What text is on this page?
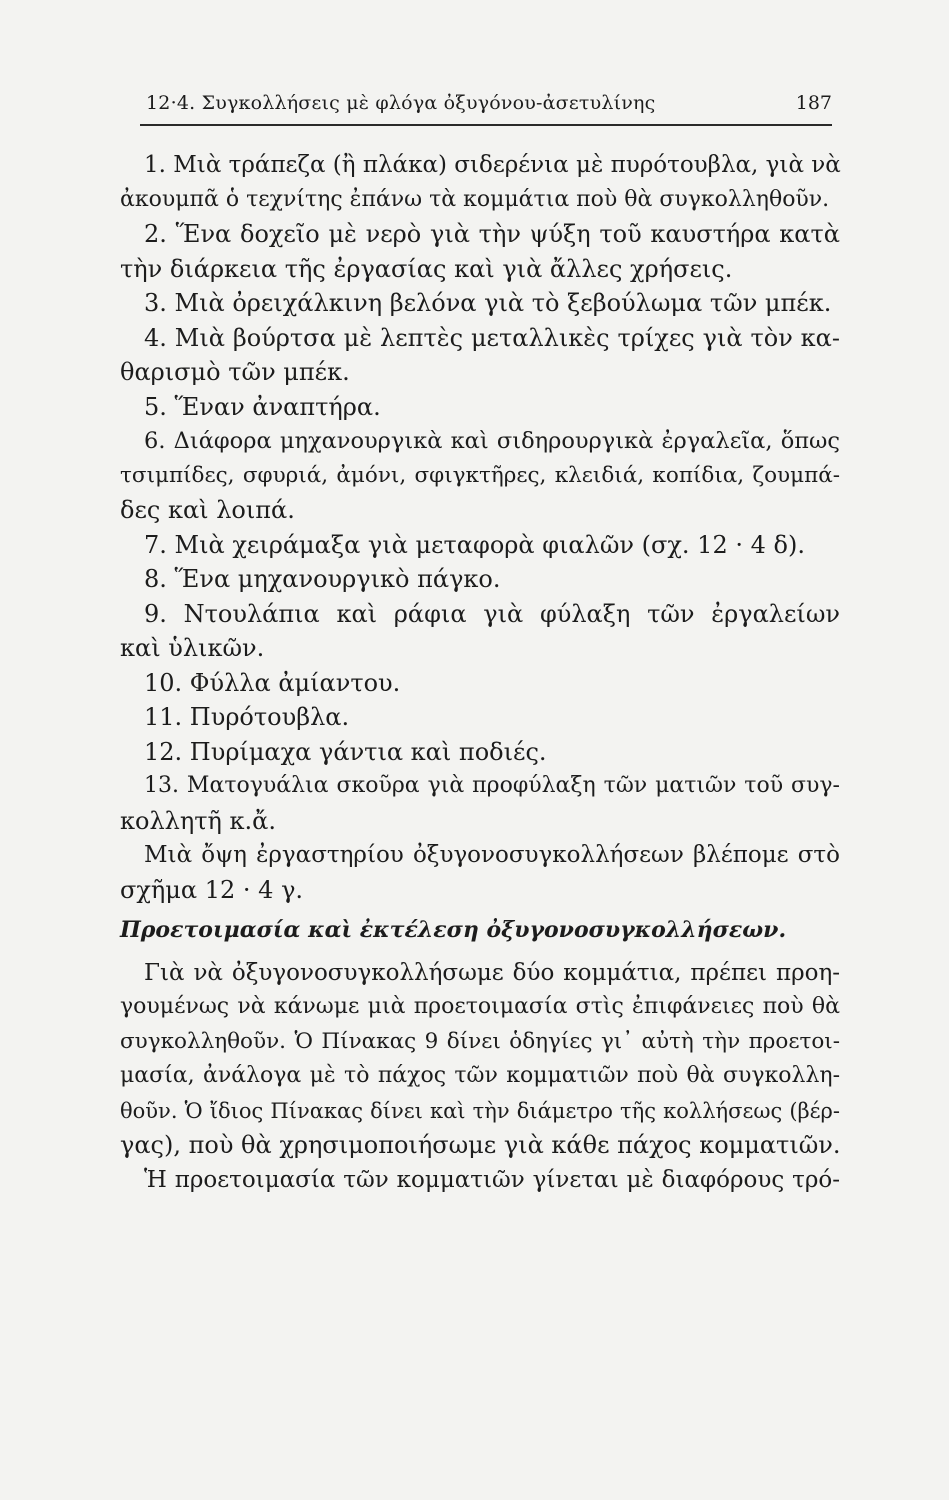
12·4. Συγκολλήσεις μὲ φλόγα ὀξυγόνου-ἀσετυλίνης	187
1. Μιὰ τράπεζα (ἢ πλάκα) σιδερένια μὲ πυρότουβλα, γιὰ νὰ
ἀκουμπᾶ ὁ τεχνίτης ἐπάνω τὰ κομμάτια ποὺ θὰ συγκολληθοῦν.
2. Ἕνα δοχεῖο μὲ νερὸ γιὰ τὴν ψύξη τοῦ καυστήρα κατὰ
τὴν διάρκεια τῆς ἐργασίας καὶ γιὰ ἄλλες χρήσεις.
3. Μιὰ ὀρειχάλκινη βελόνα γιὰ τὸ ξεβούλωμα τῶν μπέκ.
4. Μιὰ βούρτσα μὲ λεπτὲς μεταλλικὲς τρίχες γιὰ τὸν κα-
θαρισμὸ τῶν μπέκ.
5. Ἕναν ἀναπτήρα.
6. Διάφορα μηχανουργικὰ καὶ σιδηρουργικὰ ἐργαλεῖα, ὅπως
τσιμπίδες, σφυριά, ἀμόνι, σφιγκτῆρες, κλειδιά, κοπίδια, ζουμπά-
δες καὶ λοιπά.
7. Μιὰ χειράμαξα γιὰ μεταφορὰ φιαλῶν (σχ. 12 · 4 δ).
8. Ἕνα μηχανουργικὸ πάγκο.
9. Ντουλάπια καὶ ράφια γιὰ φύλαξη τῶν ἐργαλείων
καὶ ὑλικῶν.
10. Φύλλα ἀμίαντου.
11. Πυρότουβλα.
12. Πυρίμαχα γάντια καὶ ποδιές.
13. Ματογυάλια σκοῦρα γιὰ προφύλαξη τῶν ματιῶν τοῦ συγ-
κολλητῆ κ.ἄ.
Μιὰ ὄψη ἐργαστηρίου ὀξυγονοσυγκολλήσεων βλέπομε στὸ
σχῆμα 12 · 4 γ.
Προετοιμασία καὶ ἐκτέλεση ὀξυγονοσυγκολλήσεων.
Γιὰ νὰ ὀξυγονοσυγκολλήσωμε δύο κομμάτια, πρέπει προη-
γουμένως νὰ κάνωμε μιὰ προετοιμασία στὶς ἐπιφάνειες ποὺ θὰ
συγκολληθοῦν. Ὁ Πίνακας 9 δίνει ὁδηγίες γι᾽ αὐτὴ τὴν προετοι-
μασία, ἀνάλογα μὲ τὸ πάχος τῶν κομματιῶν ποὺ θὰ συγκολλη-
θοῦν. Ὁ ἴδιος Πίνακας δίνει καὶ τὴν διάμετρο τῆς κολλήσεως (βέρ-
γας), ποὺ θὰ χρησιμοποιήσωμε γιὰ κάθε πάχος κομματιῶν.
Ἡ προετοιμασία τῶν κομματιῶν γίνεται μὲ διαφόρους τρό-
